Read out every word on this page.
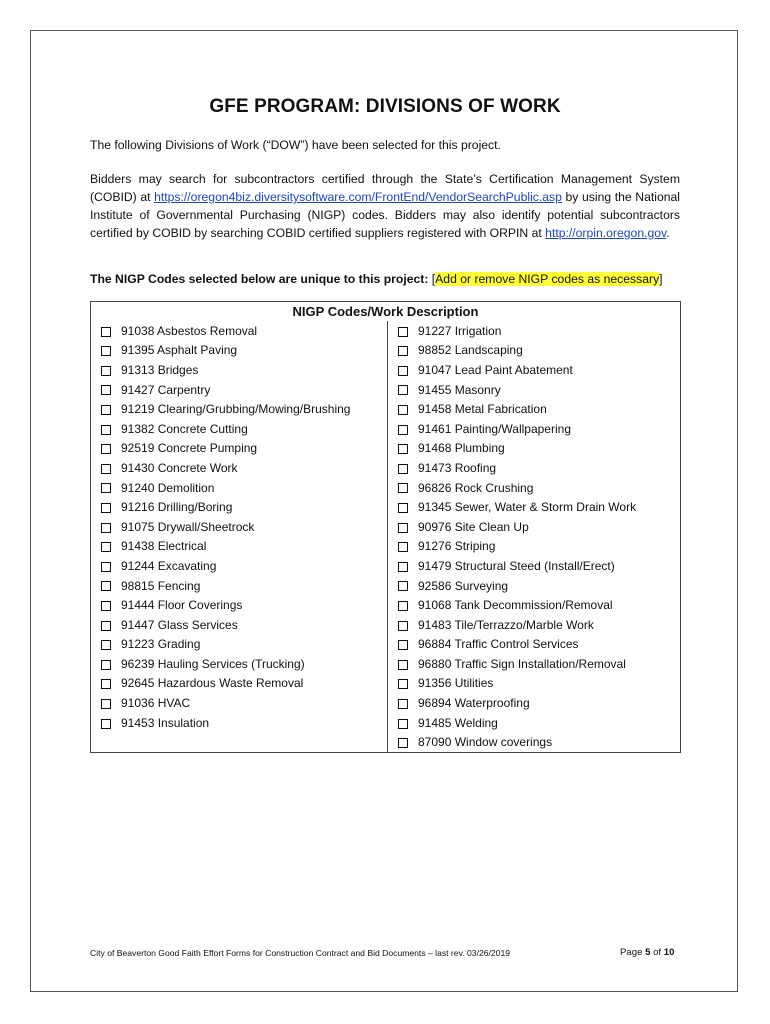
GFE PROGRAM: DIVISIONS OF WORK
The following Divisions of Work (“DOW”) have been selected for this project.
Bidders may search for subcontractors certified through the State’s Certification Management System (COBID) at https://oregon4biz.diversitysoftware.com/FrontEnd/VendorSearchPublic.asp by using the National Institute of Governmental Purchasing (NIGP) codes. Bidders may also identify potential subcontractors certified by COBID by searching COBID certified suppliers registered with ORPIN at http://orpin.oregon.gov.
The NIGP Codes selected below are unique to this project: [Add or remove NIGP codes as necessary]
NIGP Codes/Work Description			
	91038 Asbestos Removal		91227 Irrigation
	91395 Asphalt Paving		98852 Landscaping
	91313 Bridges		91047 Lead Paint Abatement
	91427 Carpentry		91455 Masonry
	91219 Clearing/Grubbing/Mowing/Brushing		91458 Metal Fabrication
	91382 Concrete Cutting		91461 Painting/Wallpapering
	92519 Concrete Pumping		91468 Plumbing
	91430 Concrete Work		91473 Roofing
	91240 Demolition		96826 Rock Crushing
	91216 Drilling/Boring		91345 Sewer, Water & Storm Drain Work
	91075 Drywall/Sheetrock		90976 Site Clean Up
	91438 Electrical		91276 Striping
	91244 Excavating		91479 Structural Steed (Install/Erect)
	98815 Fencing		92586 Surveying
	91444 Floor Coverings		91068 Tank Decommission/Removal
	91447 Glass Services		91483 Tile/Terrazzo/Marble Work
	91223 Grading		96884 Traffic Control Services
	96239 Hauling Services (Trucking)		96880 Traffic Sign Installation/Removal
	92645 Hazardous Waste Removal		91356 Utilities
	91036 HVAC		96894 Waterproofing
	91453 Insulation		91485 Welding
			87090 Window coverings
City of Beaverton Good Faith Effort Forms for Construction Contract and Bid Documents – last rev. 03/26/2019	Page 5 of 10
